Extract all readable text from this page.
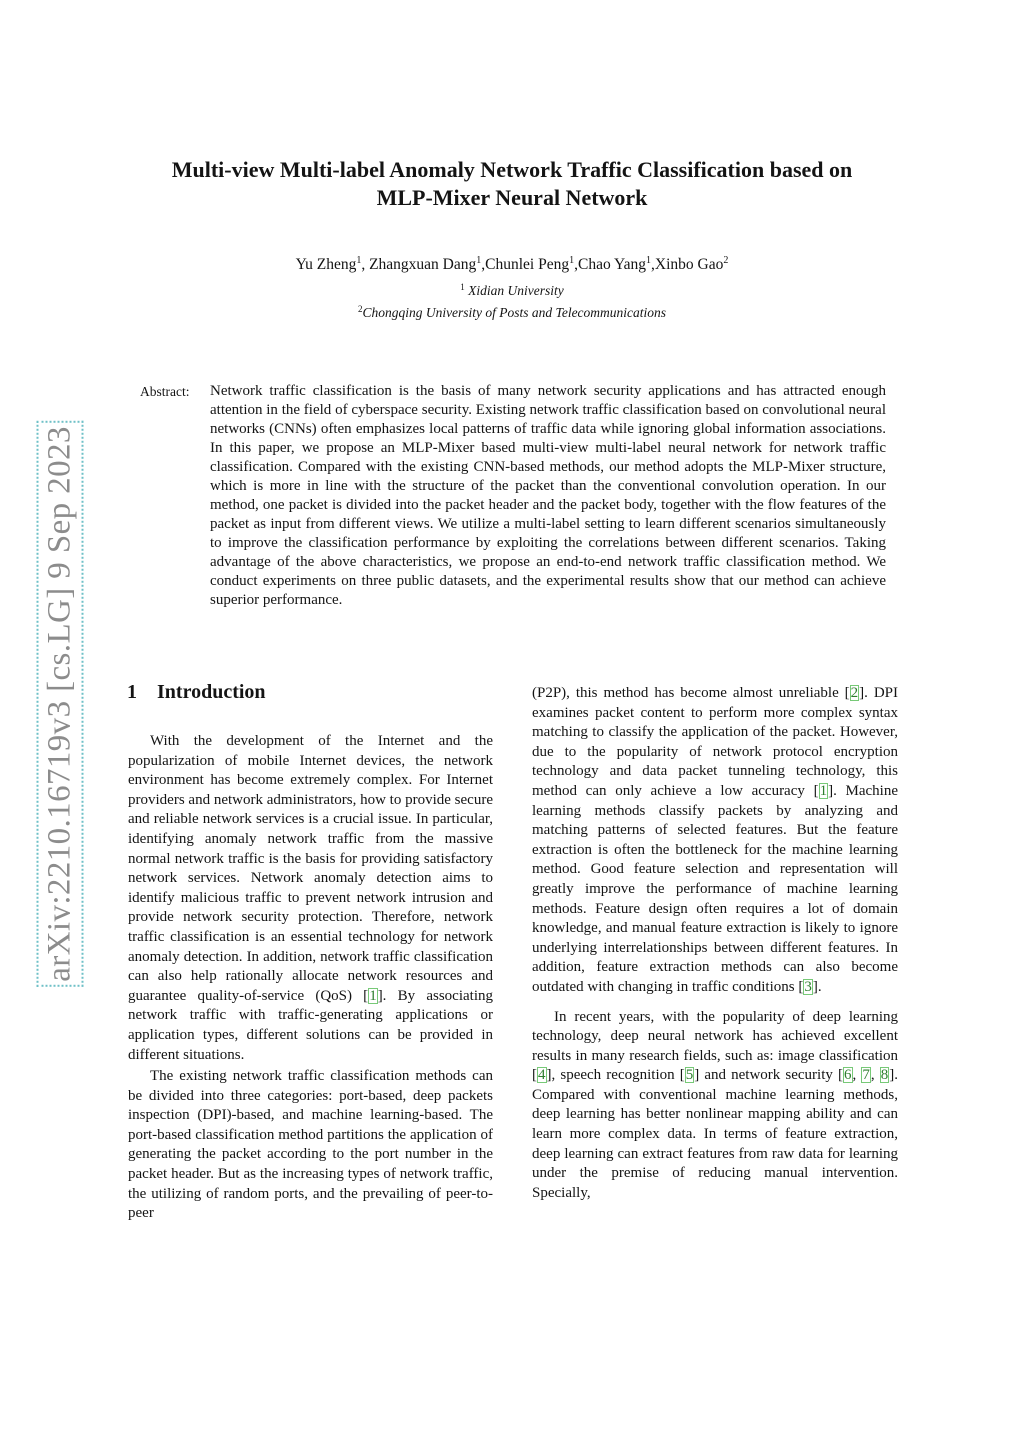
Multi-view Multi-label Anomaly Network Traffic Classification based on
MLP-Mixer Neural Network
Yu Zheng$^1$, Zhangxuan Dang$^1$,Chunlei Peng$^1$,Chao Yang$^1$,Xinbo Gao$^2$
$^1$ Xidian University
$^2$Chongqing University of Posts and Telecommunications
Abstract: Network traffic classification is the basis of many network security applications and has attracted enough attention in the field of cyberspace security. Existing network traffic classification based on convolutional neural networks (CNNs) often emphasizes local patterns of traffic data while ignoring global information associations. In this paper, we propose an MLP-Mixer based multi-view multi-label neural network for network traffic classification. Compared with the existing CNN-based methods, our method adopts the MLP-Mixer structure, which is more in line with the structure of the packet than the conventional convolution operation. In our method, one packet is divided into the packet header and the packet body, together with the flow features of the packet as input from different views. We utilize a multi-label setting to learn different scenarios simultaneously to improve the classification performance by exploiting the correlations between different scenarios. Taking advantage of the above characteristics, we propose an end-to-end network traffic classification method. We conduct experiments on three public datasets, and the experimental results show that our method can achieve superior performance.
arXiv:2210.16719v3 [cs.LG] 9 Sep 2023 1 Introduction

With the development of the Internet and the popularization of mobile Internet devices, the network environment has become extremely complex. For Internet providers and network administrators, how to provide secure and reliable network services is a crucial issue. In particular, identifying anomaly network traffic from the massive normal network traffic is the basis for providing satisfactory network services. Network anomaly detection aims to identify malicious traffic to prevent network intrusion and provide network security protection. Therefore, network traffic classification is an essential technology for network anomaly detection. In addition, network traffic classification can also help rationally allocate network resources and guarantee quality-of-service (QoS) [1]. By associating network traffic with traffic-generating applications or application types, different solutions can be provided in different situations.

The existing network traffic classification methods can be divided into three categories: port-based, deep packets inspection (DPI)-based, and machine learning-based. The port-based classification method partitions the application of generating the packet according to the port number in the packet header. But as the increasing types of network traffic, the utilizing of random ports, and the prevailing of peer-to-peer

(P2P), this method has become almost unreliable [2]. DPI examines packet content to perform more complex syntax matching to classify the application of the packet. However, due to the popularity of network protocol encryption technology and data packet tunneling technology, this method can only achieve a low accuracy [1]. Machine learning methods classify packets by analyzing and matching patterns of selected features. But the feature extraction is often the bottleneck for the machine learning method. Good feature selection and representation will greatly improve the performance of machine learning methods. Feature design often requires a lot of domain knowledge, and manual feature extraction is likely to ignore underlying interrelationships between different features. In addition, feature extraction methods can also become outdated with changing in traffic conditions [3].

In recent years, with the popularity of deep learning technology, deep neural network has achieved excellent results in many research fields, such as: image classification [4], speech recognition [5] and network security [6, 7, 8]. Compared with conventional machine learning methods, deep learning has better nonlinear mapping ability and can learn more complex data. In terms of feature extraction, deep learning can extract features from raw data for learning under the premise of reducing manual intervention. Specially,
